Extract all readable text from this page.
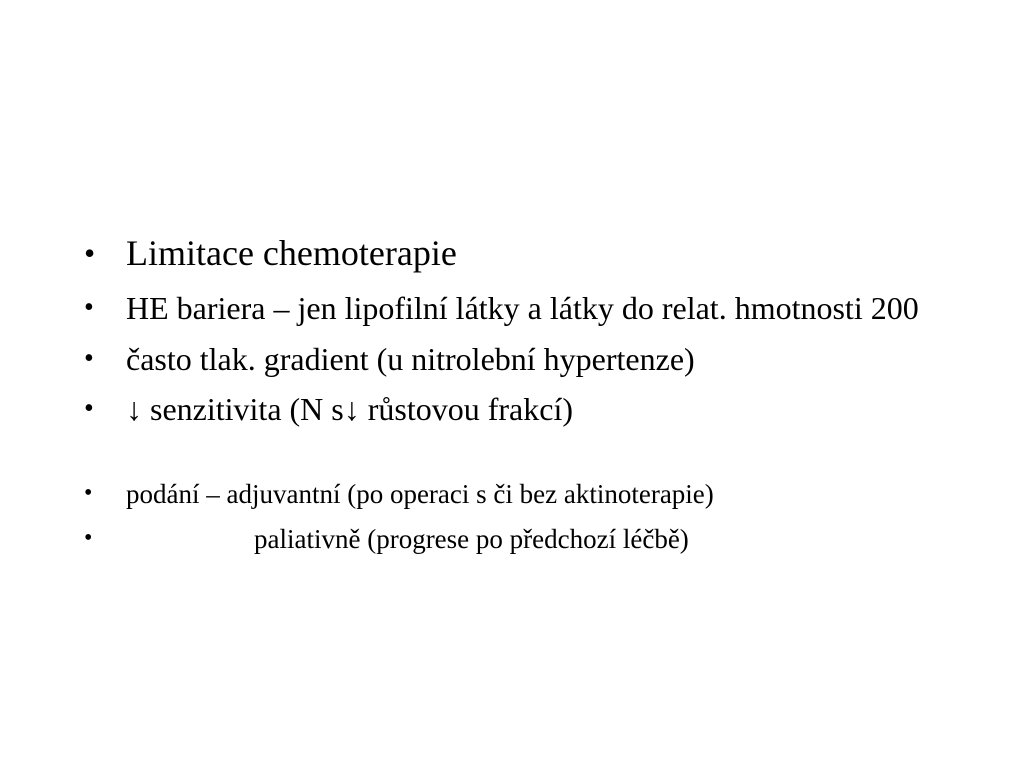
• Limitace chemoterapie
• HE bariera – jen lipofilní látky a látky do relat. hmotnosti 200
• často tlak. gradient (u nitrolební hypertenze)
• ↓ senzitivita (N s↓ růstovou frakcí)
• podání – adjuvantní (po operaci s či bez aktinoterapie)
•	paliativně (progrese po předchozí léčbě)
